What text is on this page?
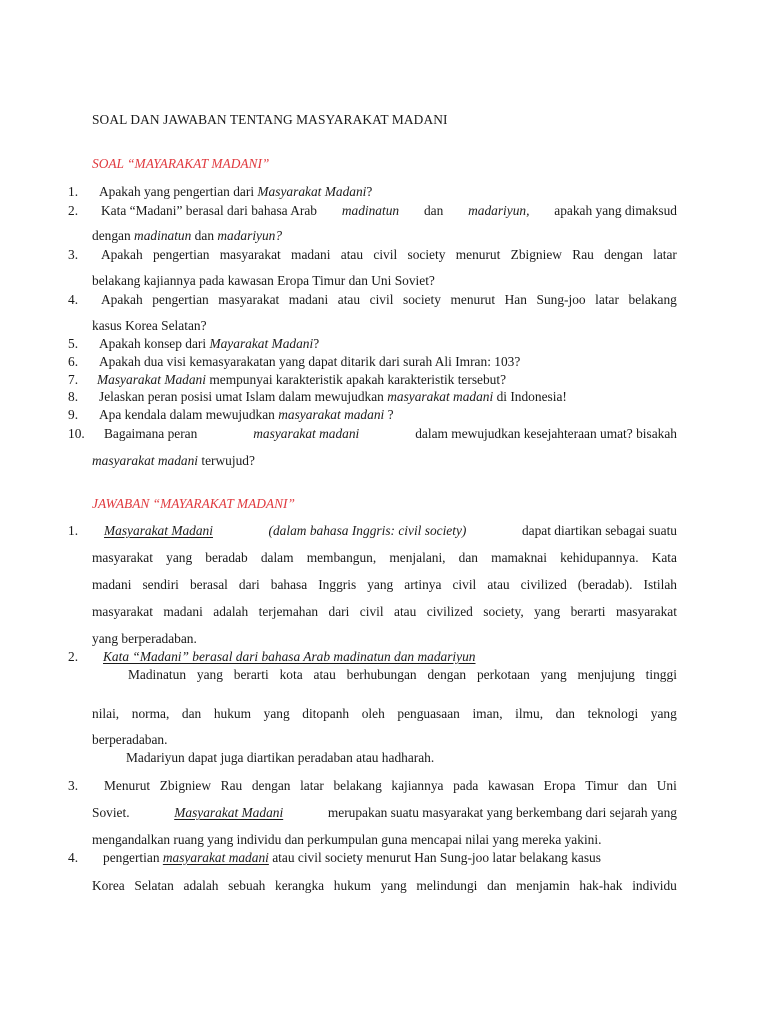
SOAL DAN JAWABAN TENTANG MASYARAKAT MADANI
SOAL “MAYARAKAT MADANI”
1. Apakah yang pengertian dari Masyarakat Madani?
2. Kata “Madani” berasal dari bahasa Arab madinatun dan madariyun, apakah yang dimaksud
dengan madinatun dan madariyun?
3. Apakah pengertian masyarakat madani atau civil society menurut Zbigniew Rau dengan latar
belakang kajiannya pada kawasan Eropa Timur dan Uni Soviet?
4. Apakah pengertian masyarakat madani atau civil society menurut Han Sung-joo latar belakang
kasus Korea Selatan?
5. Apakah konsep dari Mayarakat Madani?
6. Apakah dua visi kemasyarakatan yang dapat ditarik dari surah Ali Imran: 103?
7. Masyarakat Madani mempunyai karakteristik apakah karakteristik tersebut?
8. Jelaskan peran posisi umat Islam dalam mewujudkan masyarakat madani di Indonesia!
9. Apa kendala dalam mewujudkan masyarakat madani ?
10. Bagaimana peran	masyarakat madani	dalam mewujudkan kesejahteraan umat? bisakah
masyarakat madani terwujud?
JAWABAN “MAYARAKAT MADANI”
1. Masyarakat Madani	(dalam bahasa Inggris: civil society)	dapat diartikan sebagai suatu
masyarakat yang beradab dalam membangun, menjalani, dan mamaknai kehidupannya. Kata
madani sendiri berasal dari bahasa Inggris yang artinya civil atau civilized (beradab). Istilah
masyarakat madani adalah terjemahan dari civil atau civilized society, yang berarti masyarakat
yang berperadaban.
2. Kata “Madani” berasal dari bahasa Arab madinatun dan madariyun
Madinatun yang berarti kota atau berhubungan dengan perkotaan yang menjujung tinggi
nilai, norma, dan hukum yang ditopanh oleh penguasaan iman, ilmu, dan teknologi yang
berperadaban.
Madariyun dapat juga diartikan peradaban atau hadharah.
3. Menurut Zbigniew Rau dengan latar belakang kajiannya pada kawasan Eropa Timur dan Uni
Soviet.	Masyarakat Madani	merupakan suatu masyarakat yang berkembang dari sejarah yang
mengandalkan ruang yang individu dan perkumpulan guna mencapai nilai yang mereka yakini.
4. pengertian masyarakat madani atau civil society menurut Han Sung-joo latar belakang kasus
Korea Selatan adalah sebuah kerangka hukum yang melindungi dan menjamin hak-hak individu
